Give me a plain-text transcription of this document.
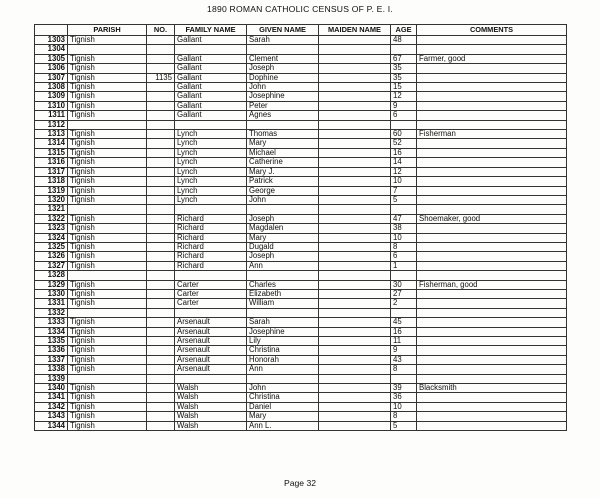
1890 ROMAN CATHOLIC CENSUS OF P. E. I.
	PARISH	NO.	FAMILY NAME	GIVEN NAME	MAIDEN NAME	AGE	COMMENTS
1303	Tignish		Gallant	Sarah		48	
1304							
1305	Tignish		Gallant	Clement		67	Farmer, good
1306	Tignish		Gallant	Joseph		35	
1307	Tignish	1135	Gallant	Dophine		35	
1308	Tignish		Gallant	John		15	
1309	Tignish		Gallant	Josephine		12	
1310	Tignish		Gallant	Peter		9	
1311	Tignish		Gallant	Agnes		6	
1312							
1313	Tignish		Lynch	Thomas		60	Fisherman
1314	Tignish		Lynch	Mary		52	
1315	Tignish		Lynch	Michael		16	
1316	Tignish		Lynch	Catherine		14	
1317	Tignish		Lynch	Mary J.		12	
1318	Tignish		Lynch	Patrick		10	
1319	Tignish		Lynch	George		7	
1320	Tignish		Lynch	John		5	
1321							
1322	Tignish		Richard	Joseph		47	Shoemaker, good
1323	Tignish		Richard	Magdalen		38	
1324	Tignish		Richard	Mary		10	
1325	Tignish		Richard	Dugald		8	
1326	Tignish		Richard	Joseph		6	
1327	Tignish		Richard	Ann		1	
1328							
1329	Tignish		Carter	Charles		30	Fisherman, good
1330	Tignish		Carter	Elizabeth		27	
1331	Tignish		Carter	William		2	
1332							
1333	Tignish		Arsenault	Sarah		45	
1334	Tignish		Arsenault	Josephine		16	
1335	Tignish		Arsenault	Lily		11	
1336	Tignish		Arsenault	Christina		9	
1337	Tignish		Arsenault	Honorah		43	
1338	Tignish		Arsenault	Ann		8	
1339							
1340	Tignish		Walsh	John		39	Blacksmith
1341	Tignish		Walsh	Christina		36	
1342	Tignish		Walsh	Daniel		10	
1343	Tignish		Walsh	Mary		8	
1344	Tignish		Walsh	Ann L.		5	
Page 32
